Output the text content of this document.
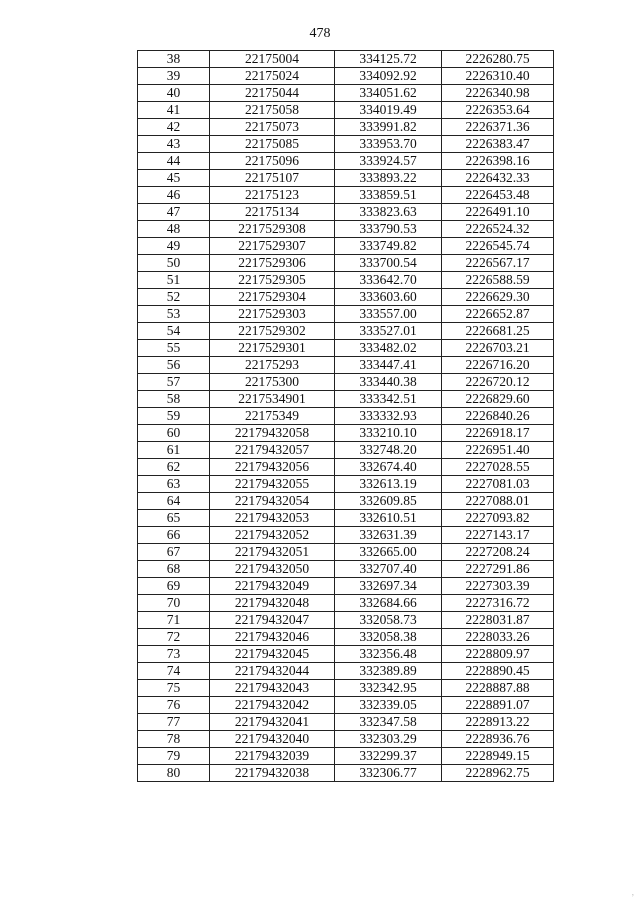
478
38	22175004	334125.72	2226280.75
39	22175024	334092.92	2226310.40
40	22175044	334051.62	2226340.98
41	22175058	334019.49	2226353.64
42	22175073	333991.82	2226371.36
43	22175085	333953.70	2226383.47
44	22175096	333924.57	2226398.16
45	22175107	333893.22	2226432.33
46	22175123	333859.51	2226453.48
47	22175134	333823.63	2226491.10
48	2217529308	333790.53	2226524.32
49	2217529307	333749.82	2226545.74
50	2217529306	333700.54	2226567.17
51	2217529305	333642.70	2226588.59
52	2217529304	333603.60	2226629.30
53	2217529303	333557.00	2226652.87
54	2217529302	333527.01	2226681.25
55	2217529301	333482.02	2226703.21
56	22175293	333447.41	2226716.20
57	22175300	333440.38	2226720.12
58	2217534901	333342.51	2226829.60
59	22175349	333332.93	2226840.26
60	22179432058	333210.10	2226918.17
61	22179432057	332748.20	2226951.40
62	22179432056	332674.40	2227028.55
63	22179432055	332613.19	2227081.03
64	22179432054	332609.85	2227088.01
65	22179432053	332610.51	2227093.82
66	22179432052	332631.39	2227143.17
67	22179432051	332665.00	2227208.24
68	22179432050	332707.40	2227291.86
69	22179432049	332697.34	2227303.39
70	22179432048	332684.66	2227316.72
71	22179432047	332058.73	2228031.87
72	22179432046	332058.38	2228033.26
73	22179432045	332356.48	2228809.97
74	22179432044	332389.89	2228890.45
75	22179432043	332342.95	2228887.88
76	22179432042	332339.05	2228891.07
77	22179432041	332347.58	2228913.22
78	22179432040	332303.29	2228936.76
79	22179432039	332299.37	2228949.15
80	22179432038	332306.77	2228962.75
,
